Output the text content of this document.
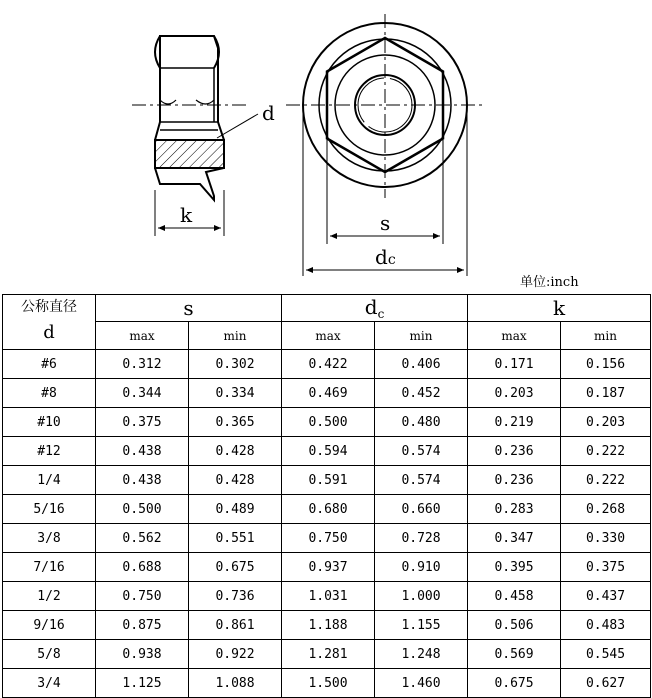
d
k	s
dc
单位:inch
公称直径
d	s		$d_c$		k	
	max	min	max	min	max	min
#6	0.312	0.302	0.422	0.406	0.171	0.156
#8	0.344	0.334	0.469	0.452	0.203	0.187
#10	0.375	0.365	0.500	0.480	0.219	0.203
#12	0.438	0.428	0.594	0.574	0.236	0.222
1/4	0.438	0.428	0.591	0.574	0.236	0.222
5/16	0.500	0.489	0.680	0.660	0.283	0.268
3/8	0.562	0.551	0.750	0.728	0.347	0.330
7/16	0.688	0.675	0.937	0.910	0.395	0.375
1/2	0.750	0.736	1.031	1.000	0.458	0.437
9/16	0.875	0.861	1.188	1.155	0.506	0.483
5/8	0.938	0.922	1.281	1.248	0.569	0.545
3/4	1.125	1.088	1.500	1.460	0.675	0.627
